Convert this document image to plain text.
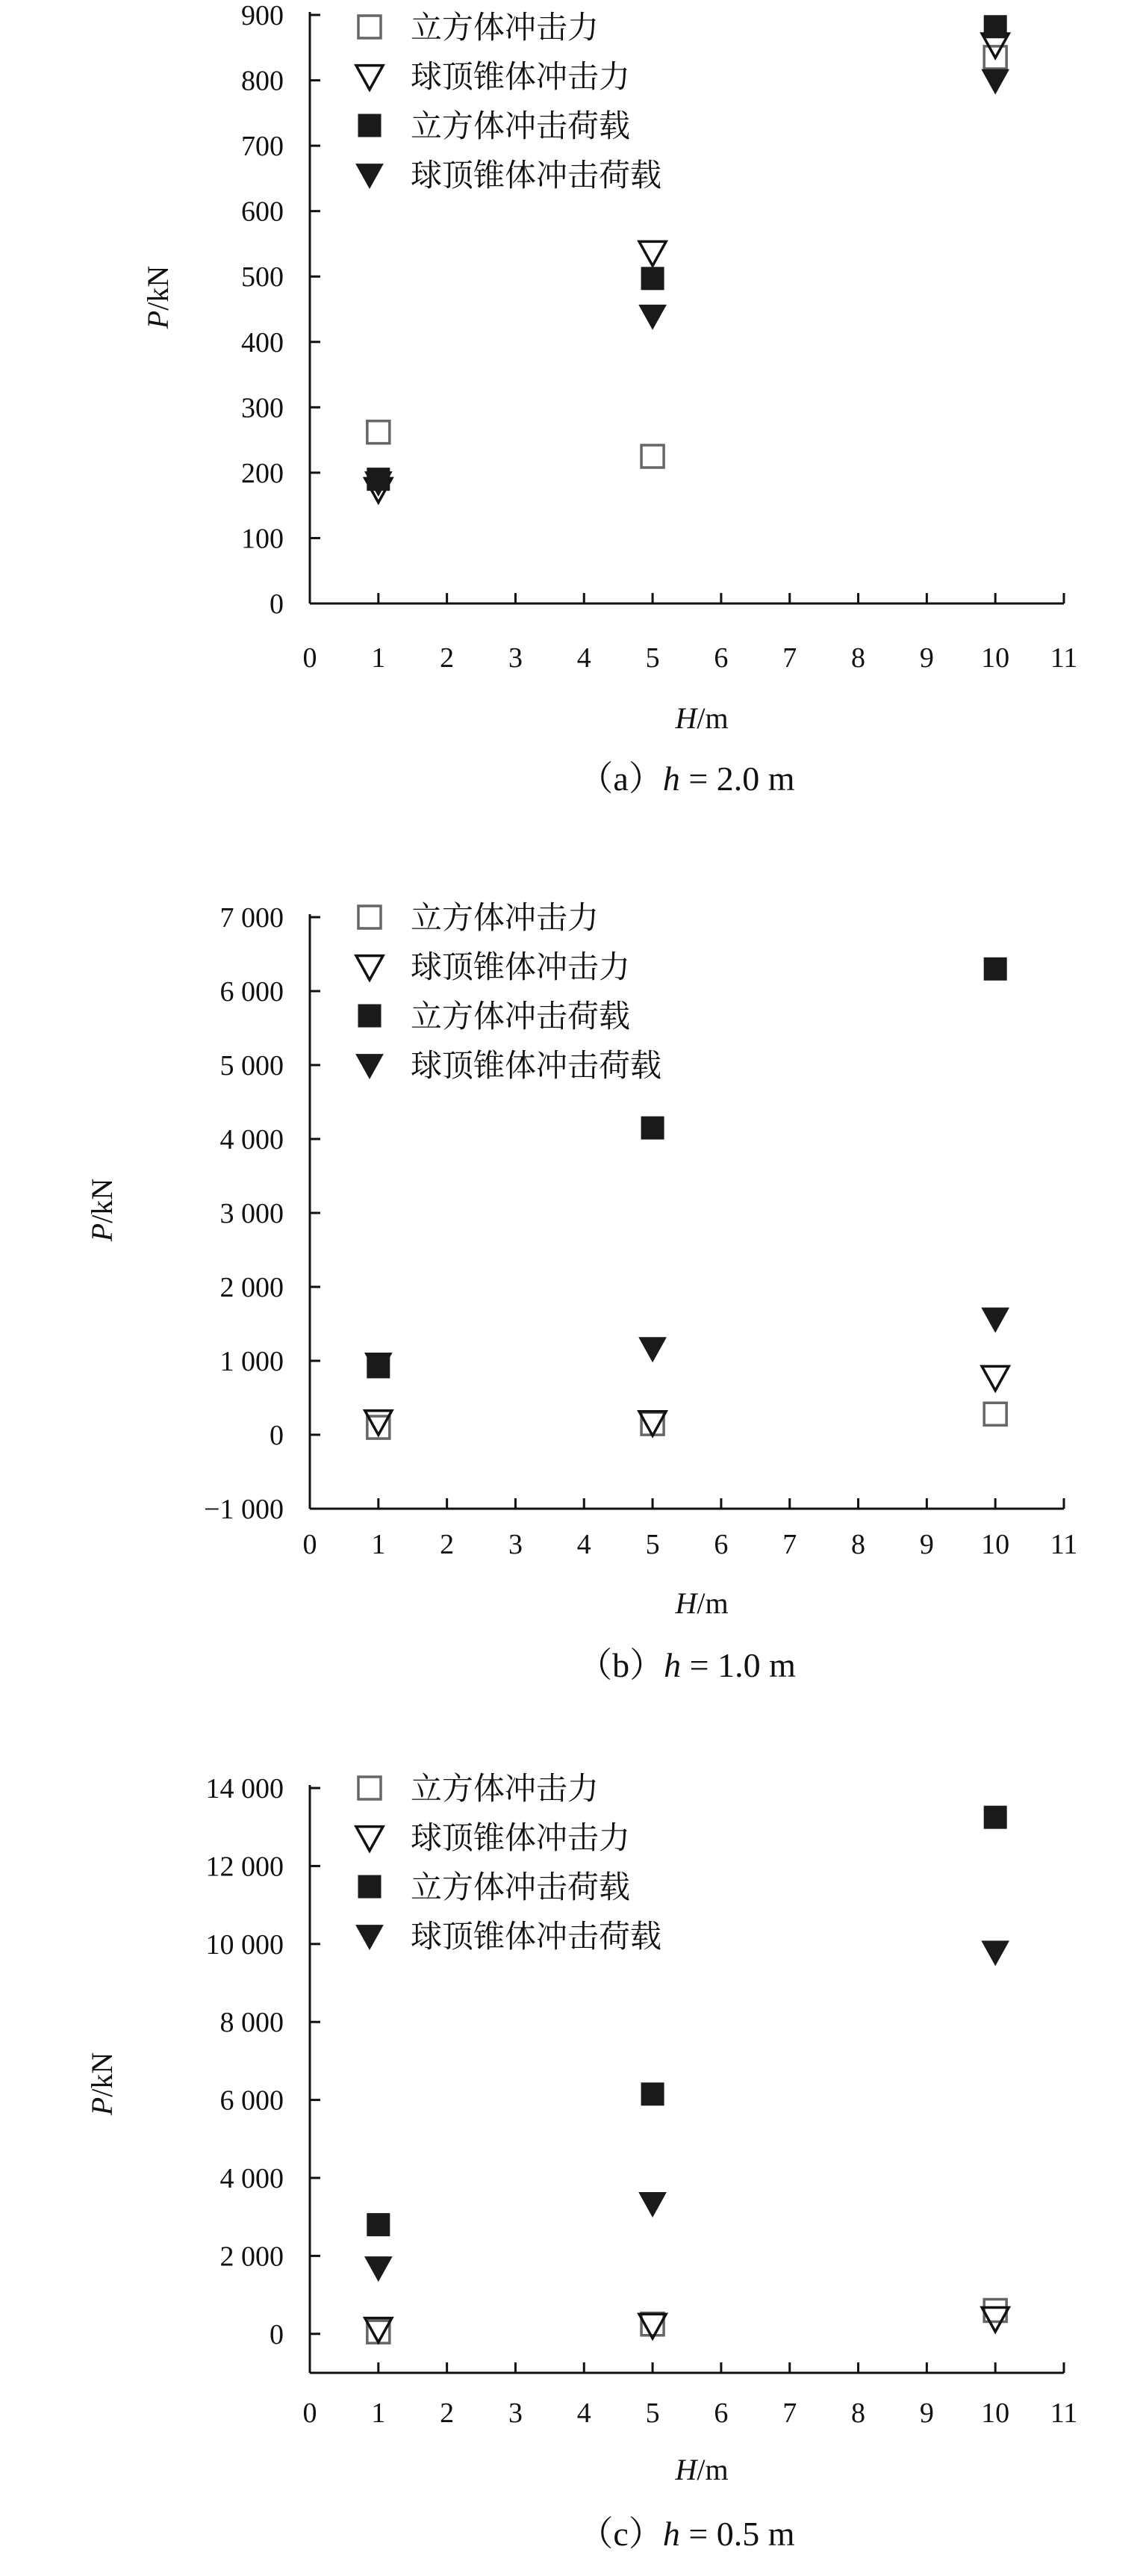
0
100
200
300
400
500
600
700
800
900
0 1 2 3 4 5 6 7 8 9 10 11
H/m
P/kN
立方体冲击力
球顶锥体冲击力
立方体冲击荷载
球顶锥体冲击荷载
（a）h = 2.0 m
−1 000
0
1 000
2 000
3 000
4 000
5 000
6 000
7 000
0 1 2 3 4 5 6 7 8 9 10 11
H/m
P/kN
立方体冲击力
球顶锥体冲击力
立方体冲击荷载
球顶锥体冲击荷载
（b）h = 1.0 m
0
2 000
4 000
6 000
8 000
10 000
12 000
14 000
0 1 2 3 4 5 6 7 8 9 10 11
H/m
P/kN
立方体冲击力
球顶锥体冲击力
立方体冲击荷载
球顶锥体冲击荷载
（c）h = 0.5 m
